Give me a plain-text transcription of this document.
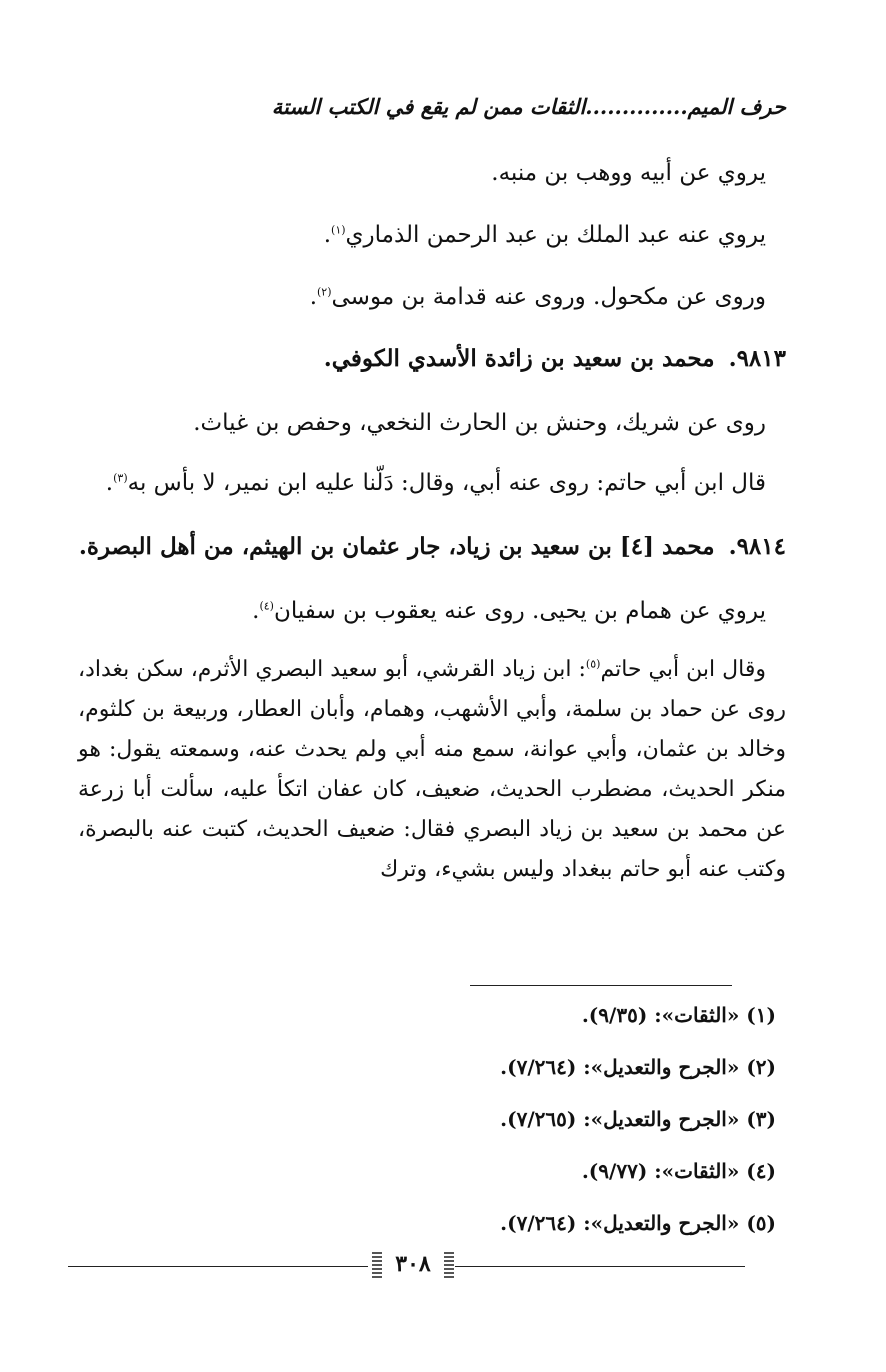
حرف الميم..............الثقات ممن لم يقع في الكتب الستة
يروي عن أبيه ووهب بن منبه.
يروي عنه عبد الملك بن عبد الرحمن الذماري$^{(١)}$.
وروى عن مكحول. وروى عنه قدامة بن موسى$^{(٢)}$.
٩٨١٣.محمد بن سعيد بن زائدة الأسدي الكوفي.
روى عن شريك، وحنش بن الحارث النخعي، وحفص بن غياث.
قال ابن أبي حاتم: روى عنه أبي، وقال: دَلّنا عليه ابن نمير، لا بأس به$^{(٣)}$.
٩٨١٤.محمد [٤] بن سعيد بن زياد، جار عثمان بن الهيثم، من أهل البصرة.
يروي عن همام بن يحيى. روى عنه يعقوب بن سفيان$^{(٤)}$.
وقال ابن أبي حاتم$^{(٥)}$: ابن زياد القرشي، أبو سعيد البصري الأثرم، سكن بغداد، روى عن حماد بن سلمة، وأبي الأشهب، وهمام، وأبان العطار، وربيعة بن كلثوم، وخالد بن عثمان، وأبي عوانة، سمع منه أبي ولم يحدث عنه، وسمعته يقول: هو منكر الحديث، مضطرب الحديث، ضعيف، كان عفان اتكأ عليه، سألت أبا زرعة عن محمد بن سعيد بن زياد البصري فقال: ضعيف الحديث، كتبت عنه بالبصرة، وكتب عنه أبو حاتم ببغداد وليس بشيء، وترك
(١) «الثقات»: (٩/٣٥).
(٢) «الجرح والتعديل»: (٧/٢٦٤).
(٣) «الجرح والتعديل»: (٧/٢٦٥).
(٤) «الثقات»: (٩/٧٧).
(٥) «الجرح والتعديل»: (٧/٢٦٤).
٣٠٨
